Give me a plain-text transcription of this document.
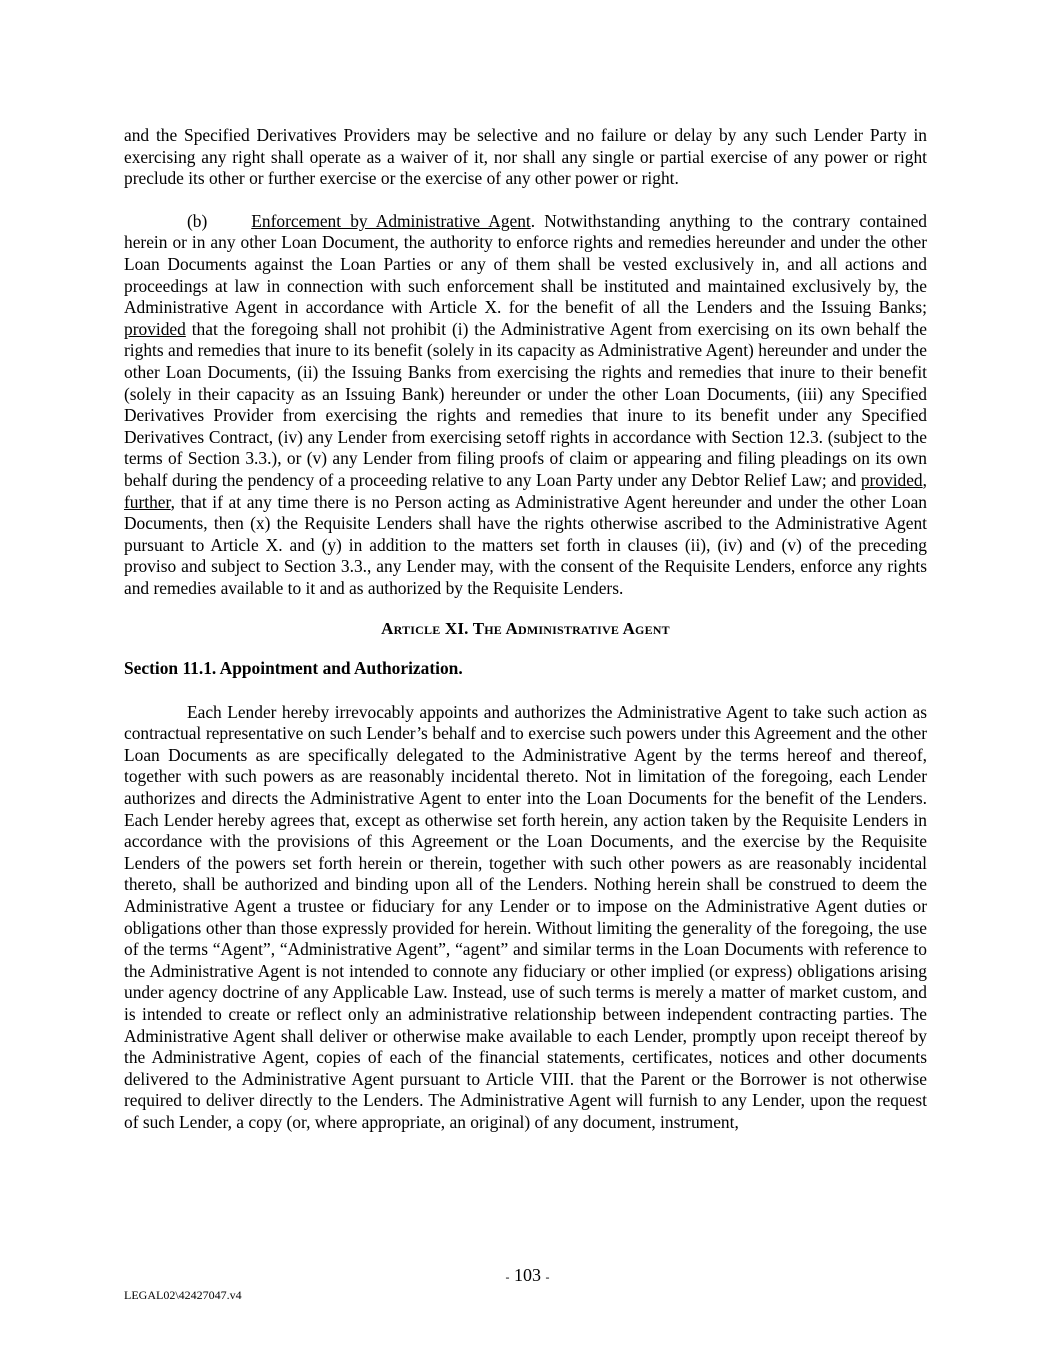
and the Specified Derivatives Providers may be selective and no failure or delay by any such Lender Party in exercising any right shall operate as a waiver of it, nor shall any single or partial exercise of any power or right preclude its other or further exercise or the exercise of any other power or right.

(b)	Enforcement by Administrative Agent. Notwithstanding anything to the contrary contained herein or in any other Loan Document, the authority to enforce rights and remedies hereunder and under the other Loan Documents against the Loan Parties or any of them shall be vested exclusively in, and all actions and proceedings at law in connection with such enforcement shall be instituted and maintained exclusively by, the Administrative Agent in accordance with Article X. for the benefit of all the Lenders and the Issuing Banks; provided that the foregoing shall not prohibit (i) the Administrative Agent from exercising on its own behalf the rights and remedies that inure to its benefit (solely in its capacity as Administrative Agent) hereunder and under the other Loan Documents, (ii) the Issuing Banks from exercising the rights and remedies that inure to their benefit (solely in their capacity as an Issuing Bank) hereunder or under the other Loan Documents, (iii) any Specified Derivatives Provider from exercising the rights and remedies that inure to its benefit under any Specified Derivatives Contract, (iv) any Lender from exercising setoff rights in accordance with Section 12.3. (subject to the terms of Section 3.3.), or (v) any Lender from filing proofs of claim or appearing and filing pleadings on its own behalf during the pendency of a proceeding relative to any Loan Party under any Debtor Relief Law; and provided, further, that if at any time there is no Person acting as Administrative Agent hereunder and under the other Loan Documents, then (x) the Requisite Lenders shall have the rights otherwise ascribed to the Administrative Agent pursuant to Article X. and (y) in addition to the matters set forth in clauses (ii), (iv) and (v) of the preceding proviso and subject to Section 3.3., any Lender may, with the consent of the Requisite Lenders, enforce any rights and remedies available to it and as authorized by the Requisite Lenders.

Article XI. The Administrative Agent
Section 11.1. Appointment and Authorization.

Each Lender hereby irrevocably appoints and authorizes the Administrative Agent to take such action as contractual representative on such Lender’s behalf and to exercise such powers under this Agreement and the other Loan Documents as are specifically delegated to the Administrative Agent by the terms hereof and thereof, together with such powers as are reasonably incidental thereto. Not in limitation of the foregoing, each Lender authorizes and directs the Administrative Agent to enter into the Loan Documents for the benefit of the Lenders. Each Lender hereby agrees that, except as otherwise set forth herein, any action taken by the Requisite Lenders in accordance with the provisions of this Agreement or the Loan Documents, and the exercise by the Requisite Lenders of the powers set forth herein or therein, together with such other powers as are reasonably incidental thereto, shall be authorized and binding upon all of the Lenders. Nothing herein shall be construed to deem the Administrative Agent a trustee or fiduciary for any Lender or to impose on the Administrative Agent duties or obligations other than those expressly provided for herein. Without limiting the generality of the foregoing, the use of the terms “Agent”, “Administrative Agent”, “agent” and similar terms in the Loan Documents with reference to the Administrative Agent is not intended to connote any fiduciary or other implied (or express) obligations arising under agency doctrine of any Applicable Law. Instead, use of such terms is merely a matter of market custom, and is intended to create or reflect only an administrative relationship between independent contracting parties. The Administrative Agent shall deliver or otherwise make available to each Lender, promptly upon receipt thereof by the Administrative Agent, copies of each of the financial statements, certificates, notices and other documents delivered to the Administrative Agent pursuant to Article VIII. that the Parent or the Borrower is not otherwise required to deliver directly to the Lenders. The Administrative Agent will furnish to any Lender, upon the request of such Lender, a copy (or, where appropriate, an original) of any document, instrument,

- 103 -
LEGAL02\42427047.v4
